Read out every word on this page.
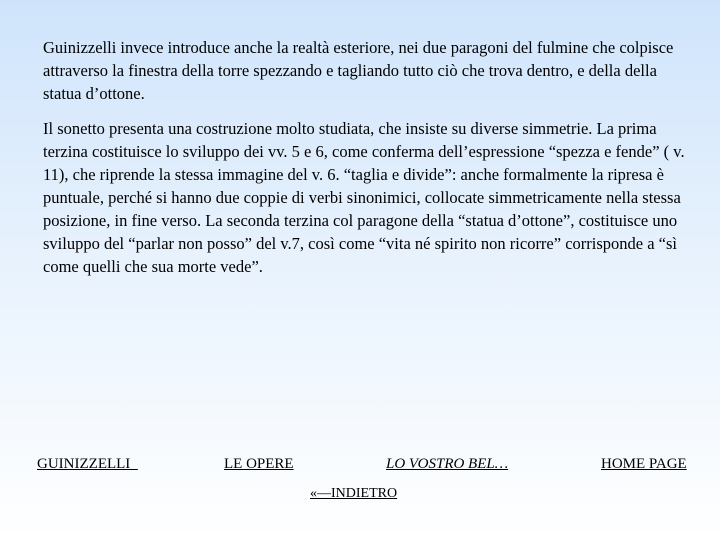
Guinizzelli invece introduce anche la realtà esteriore, nei due paragoni del fulmine che colpisce attraverso la finestra della torre spezzando e tagliando tutto ciò che trova dentro, e della della statua d’ottone.

Il sonetto presenta una costruzione molto studiata, che insiste su diverse simmetrie. La prima terzina costituisce lo sviluppo dei vv. 5 e 6, come conferma dell’espressione “spezza e fende” ( v. 11), che riprende la stessa immagine del v. 6. “taglia e divide”: anche formalmente la ripresa è puntuale, perché si hanno due coppie di verbi sinonimici, collocate simmetricamente nella stessa posizione, in fine verso. La seconda terzina col paragone della “statua d’ottone”, costituisce uno sviluppo del “parlar non posso” del v.7, così come “vita né spirito non ricorre” corrisponde a “sì come quelli che sua morte vede”.

GUINIZZELLI	LE OPERE	LO VOSTRO BEL…	HOME PAGE
«—INDIETRO
